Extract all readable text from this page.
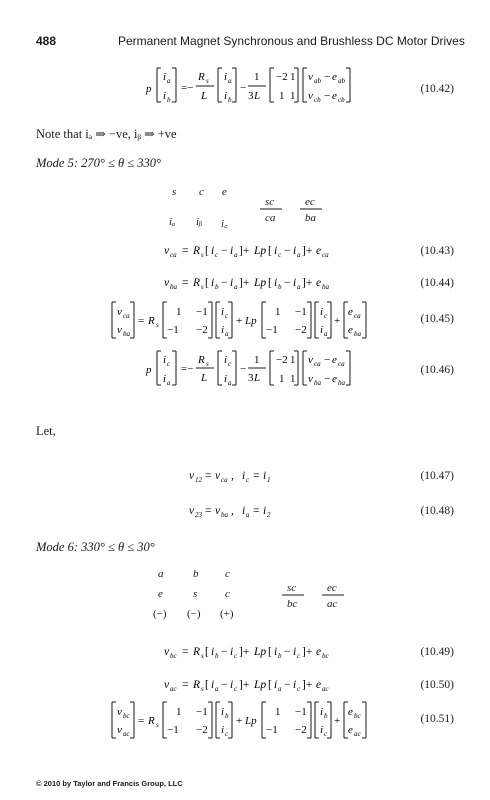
488	Permanent Magnet Synchronous and Brushless DC Motor Drives
p
i a
i b
=−
R s
L
i a
i b
−
1
3 L
−2 1
1 1
v ab − e ab
v cb − e cb
(10.42)
Note that iₐ ⇒ −ve, iᵦ ⇒ +ve
Mode 5: 270° ≤ θ ≤ 330°
s c e
iₐ iᵦ i꜀
sc	ec
ca	ba
v ca = R s [ i c − i a ]+ Lp [ i c − i a ]+ e ca
v ba = R s [ i b − i a ]+ Lp [ i b − i a ]+ e ba
(10.43)
(10.44)
v ca
v ba
= R s
1 −1
−1 −2
i c
i a
+ Lp
1 −1
−1 −2
i c
i a
+
e ca
e ba
(10.45)
p
i c
i a
=−
R s
L
i c
i a
−
1
3 L
−2 1
1 1
v ca − e ca
v ba − e ba
(10.46)
Let,
v 12 = v ca , i c = i 1
v 23 = v ba , i a = i 2
(10.47)
(10.48)
Mode 6: 330° ≤ θ ≤ 30°
a	b c
e	s	c
(−) (−) (+)
sc	ec
bc	ac
v bc = R s [ i b − i c ]+ Lp [ i b − i c ]+ e bc
v ac = R s [ i a − i c ]+ Lp [ i a − i c ]+ e ac
(10.49)
(10.50)
v bc
v ac
= R s
1 −1
−1 −2
i b
i c
+ Lp
1 −1
−1 −2
i b
i c
+
e bc
e ac
(10.51)
© 2010 by Taylor and Francis Group, LLC
